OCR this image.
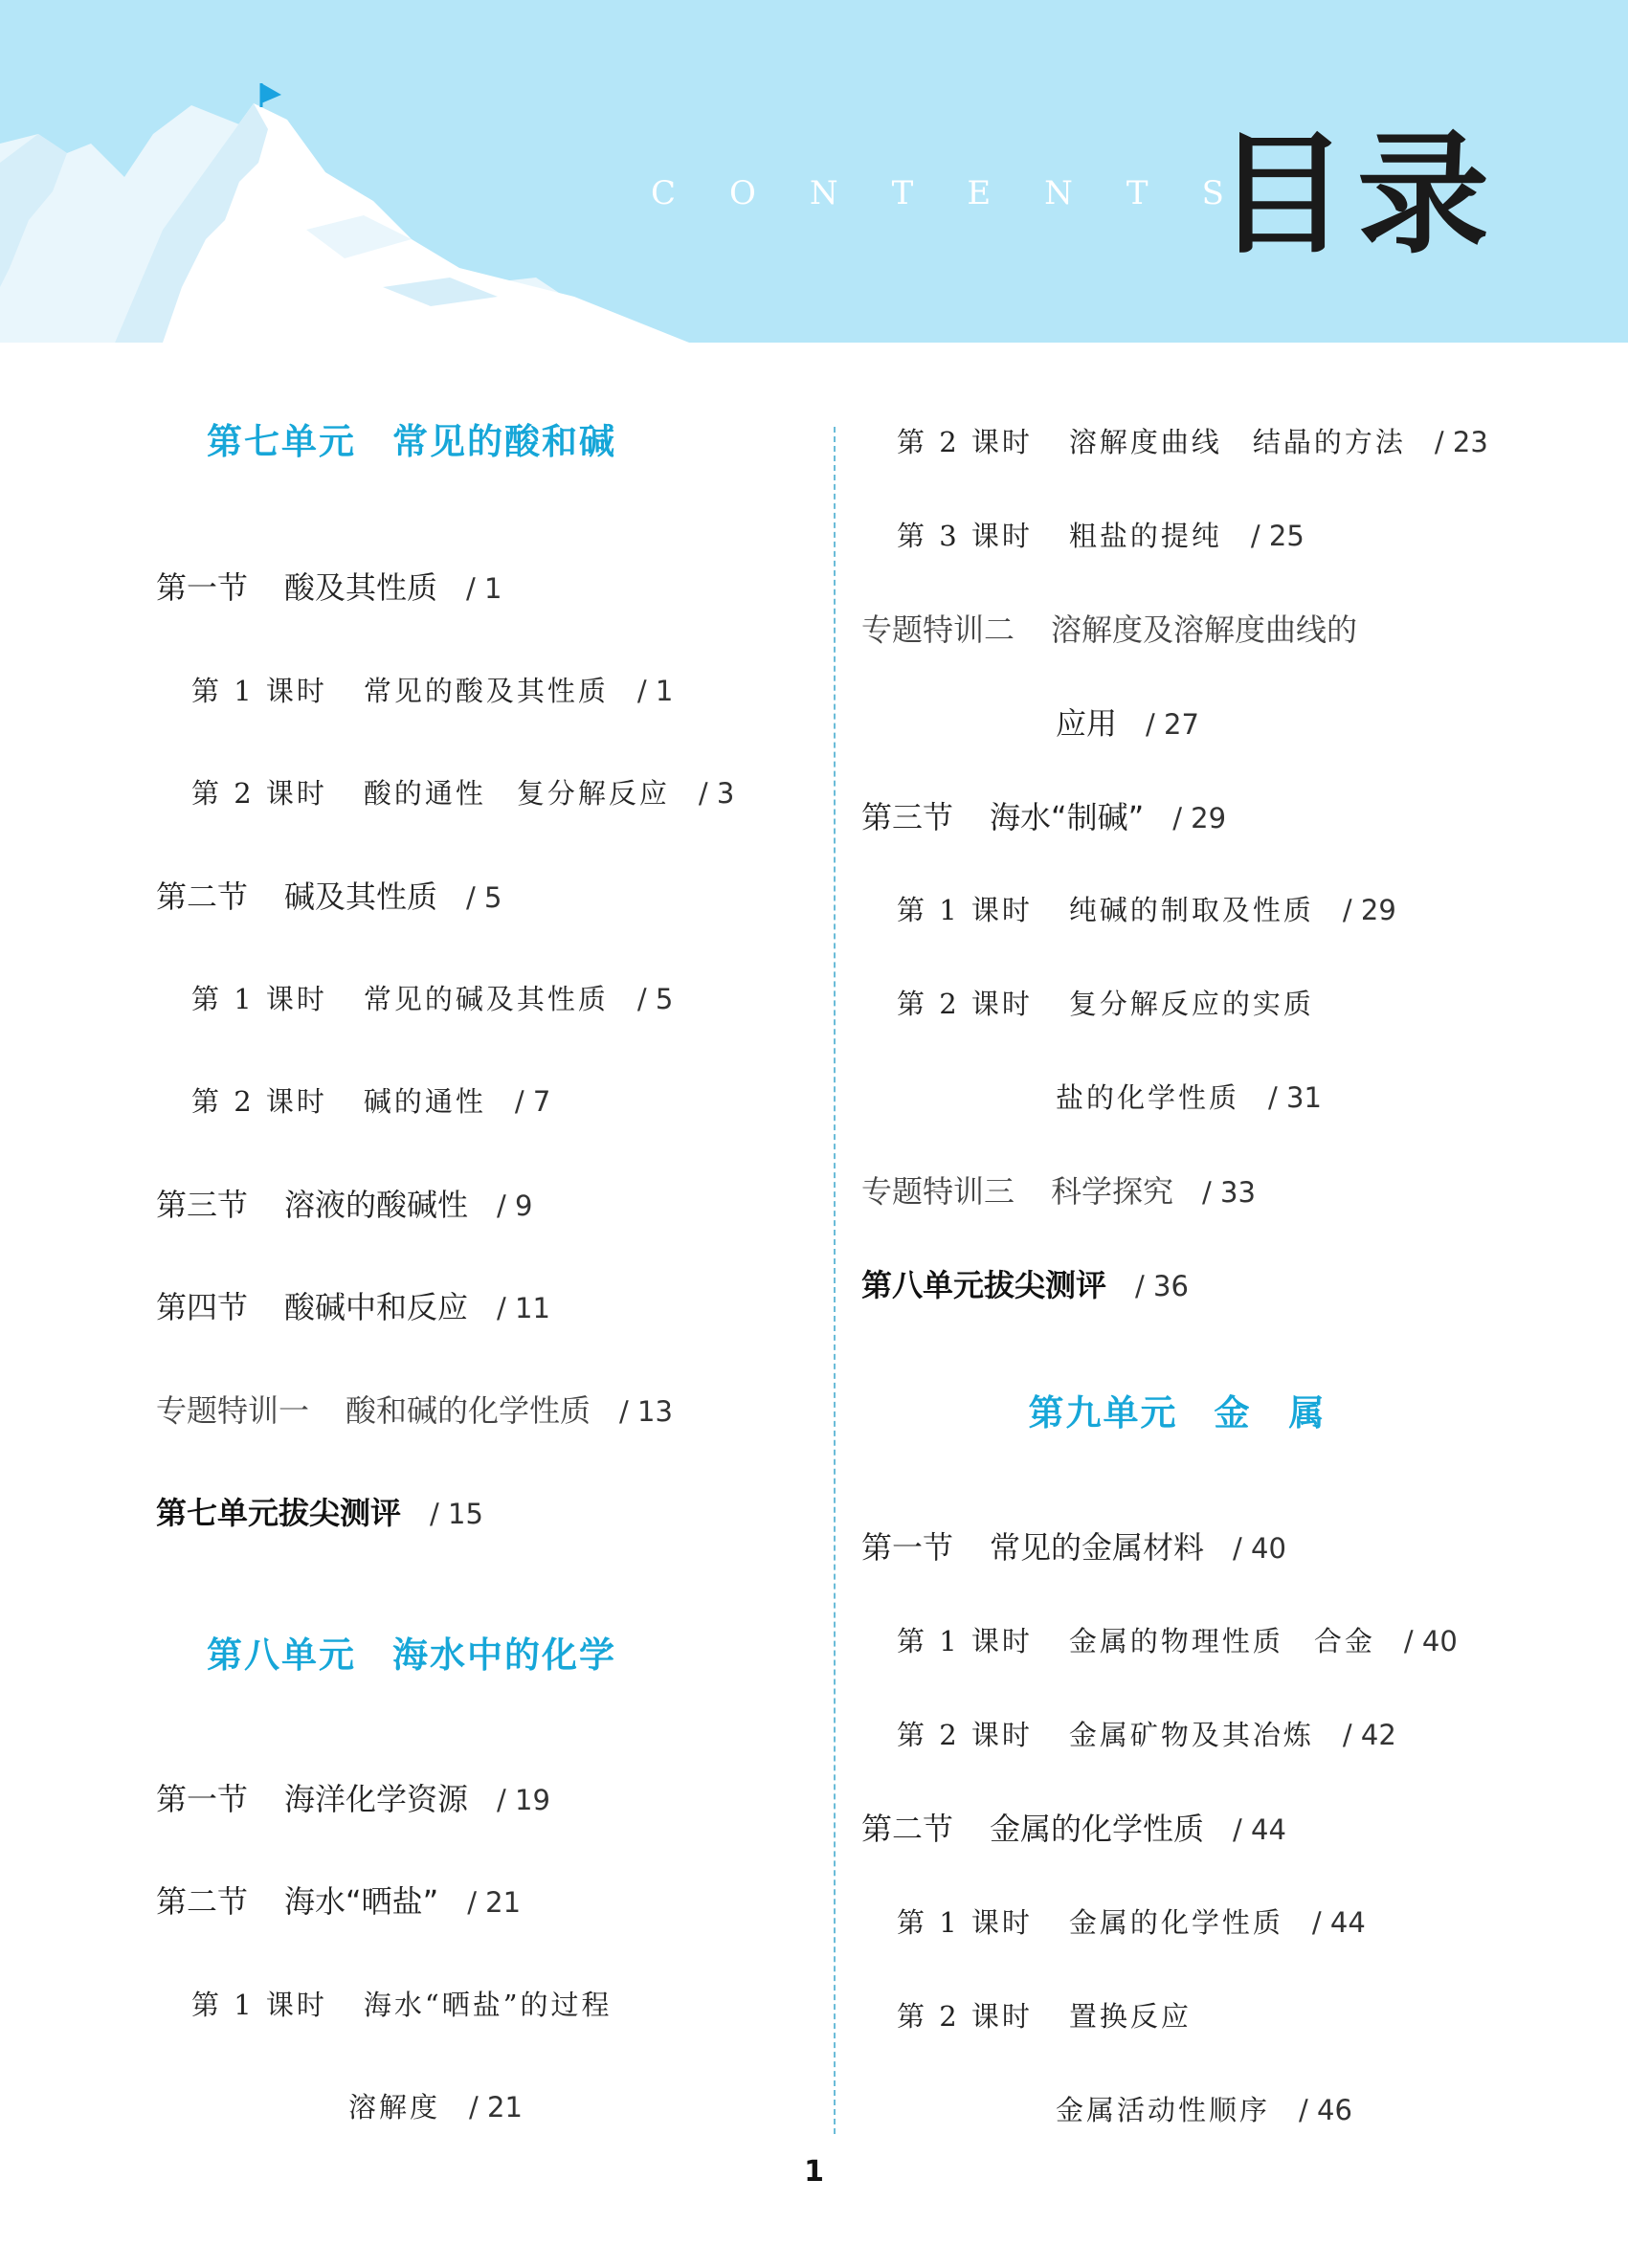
CONTENTS
目录
第七单元 常见的酸和碱
第一节 酸及其性质 / 1
第 1 课时 常见的酸及其性质 / 1
第 2 课时 酸的通性　复分解反应 / 3
第二节 碱及其性质 / 5
第 1 课时 常见的碱及其性质 / 5
第 2 课时 碱的通性 / 7
第三节 溶液的酸碱性 / 9
第四节 酸碱中和反应 / 11
专题特训一 酸和碱的化学性质 / 13
第七单元拔尖测评 / 15
第八单元 海水中的化学
第一节 海洋化学资源 / 19
第二节 海水“晒盐” / 21
第 1 课时 海水“晒盐”的过程
溶解度 / 21
第 2 课时 溶解度曲线　结晶的方法 / 23
第 3 课时 粗盐的提纯 / 25
专题特训二 溶解度及溶解度曲线的
应用 / 27
第三节 海水“制碱” / 29
第 1 课时 纯碱的制取及性质 / 29
第 2 课时 复分解反应的实质
盐的化学性质 / 31
专题特训三 科学探究 / 33
第八单元拔尖测评 / 36
第九单元 金　属
第一节 常见的金属材料 / 40
第 1 课时 金属的物理性质　合金 / 40
第 2 课时 金属矿物及其冶炼 / 42
第二节 金属的化学性质 / 44
第 1 课时 金属的化学性质 / 44
第 2 课时 置换反应
金属活动性顺序 / 46
1
